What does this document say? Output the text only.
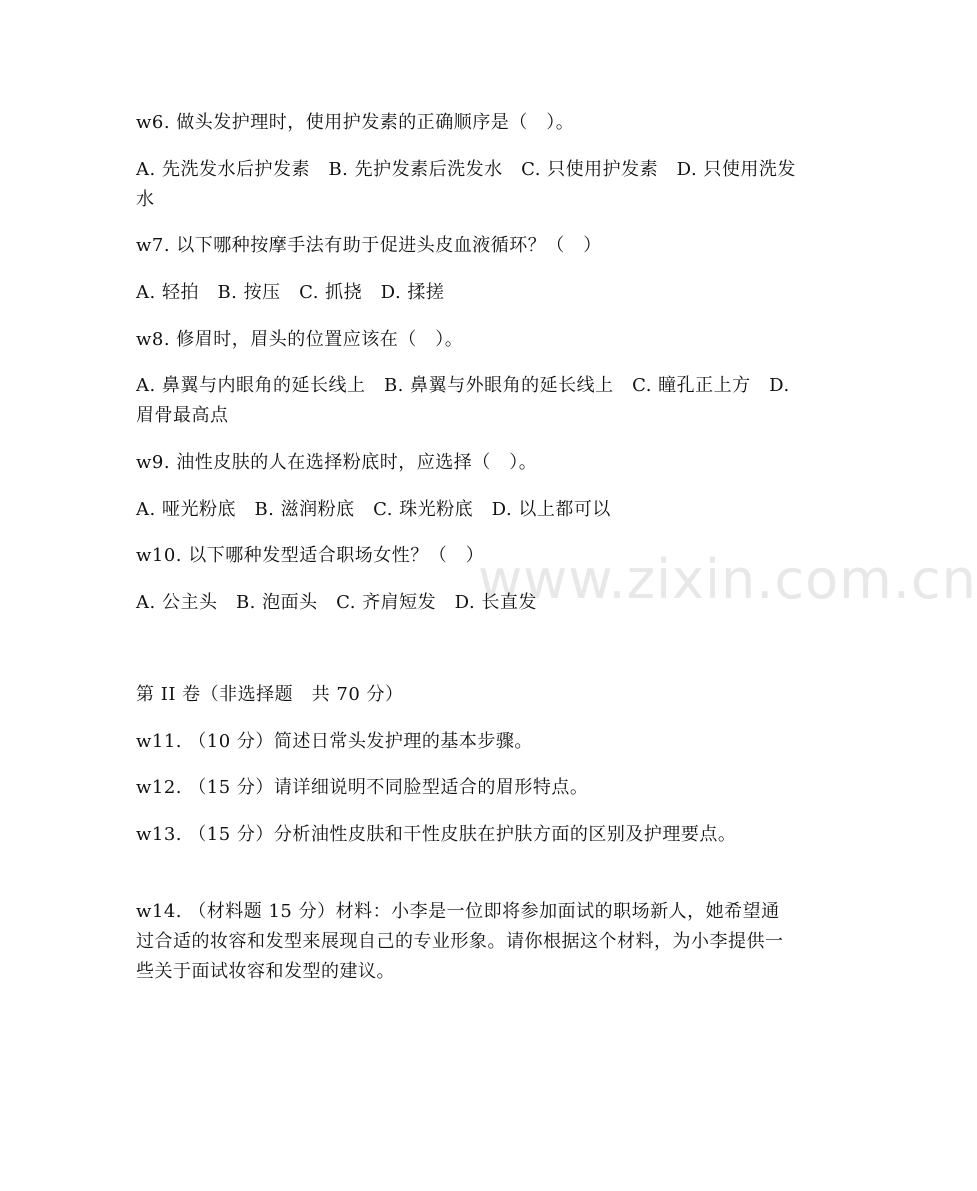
www.zixin.com.cn
w6. 做头发护理时，使用护发素的正确顺序是（　）。
A. 先洗发水后护发素　B. 先护发素后洗发水　C. 只使用护发素　D. 只使用洗发水
w7. 以下哪种按摩手法有助于促进头皮血液循环？（　）
A. 轻拍　B. 按压　C. 抓挠　D. 揉搓
w8. 修眉时，眉头的位置应该在（　）。
A. 鼻翼与内眼角的延长线上　B. 鼻翼与外眼角的延长线上　C. 瞳孔正上方　D. 眉骨最高点
w9. 油性皮肤的人在选择粉底时，应选择（　）。
A. 哑光粉底　B. 滋润粉底　C. 珠光粉底　D. 以上都可以
w10. 以下哪种发型适合职场女性？（　）
A. 公主头　B. 泡面头　C. 齐肩短发　D. 长直发
第 II 卷（非选择题　共 70 分）
w11. （10 分）简述日常头发护理的基本步骤。
w12. （15 分）请详细说明不同脸型适合的眉形特点。
w13. （15 分）分析油性皮肤和干性皮肤在护肤方面的区别及护理要点。
w14. （材料题 15 分）材料：小李是一位即将参加面试的职场新人，她希望通过合适的妆容和发型来展现自己的专业形象。请你根据这个材料，为小李提供一些关于面试妆容和发型的建议。
